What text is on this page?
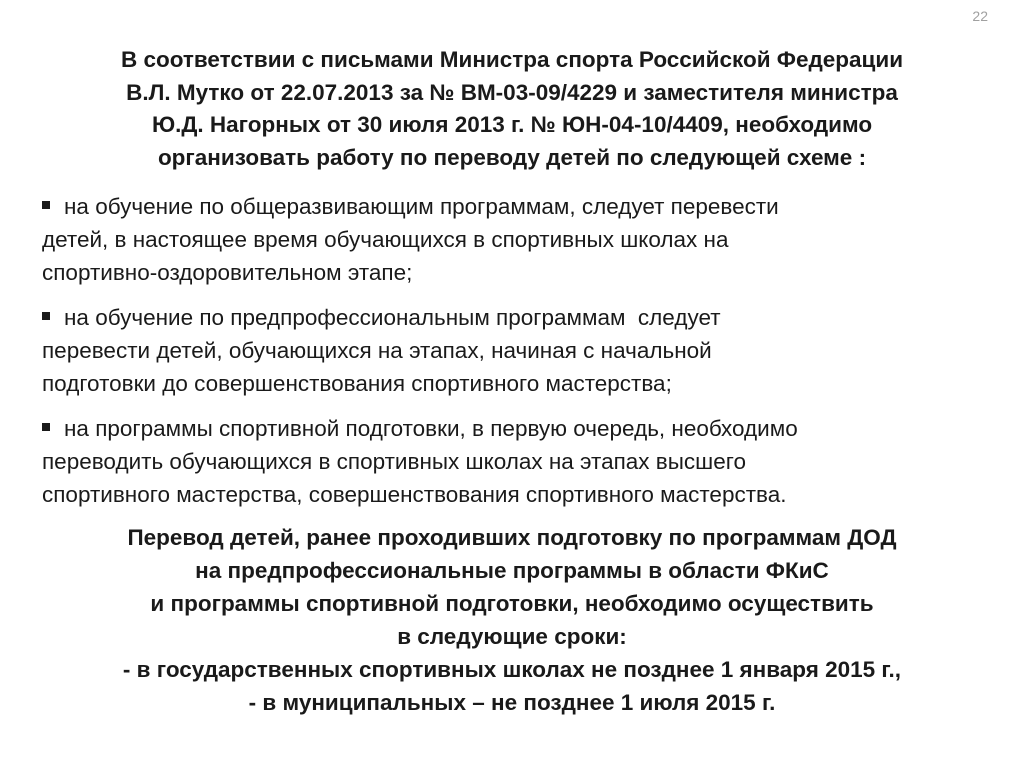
22
В соответствии с письмами Министра спорта Российской Федерации
В.Л. Мутко от 22.07.2013 за № ВМ-03-09/4229 и заместителя министра
Ю.Д. Нагорных от 30 июля 2013 г. № ЮН-04-10/4409, необходимо
организовать работу по переводу детей по следующей схеме :
на обучение по общеразвивающим программам, следует перевести
детей, в настоящее время обучающихся в спортивных школах на
спортивно-оздоровительном этапе;
на обучение по предпрофессиональным программам  следует
перевести детей, обучающихся на этапах, начиная с начальной
подготовки до совершенствования спортивного мастерства;
на программы спортивной подготовки, в первую очередь, необходимо
переводить обучающихся в спортивных школах на этапах высшего
спортивного мастерства, совершенствования спортивного мастерства.
Перевод детей, ранее проходивших подготовку по программам ДОД
на предпрофессиональные программы в области ФКиС
и программы спортивной подготовки, необходимо осуществить
в следующие сроки:
- в государственных спортивных школах не позднее 1 января 2015 г.,
- в муниципальных – не позднее 1 июля 2015 г.
